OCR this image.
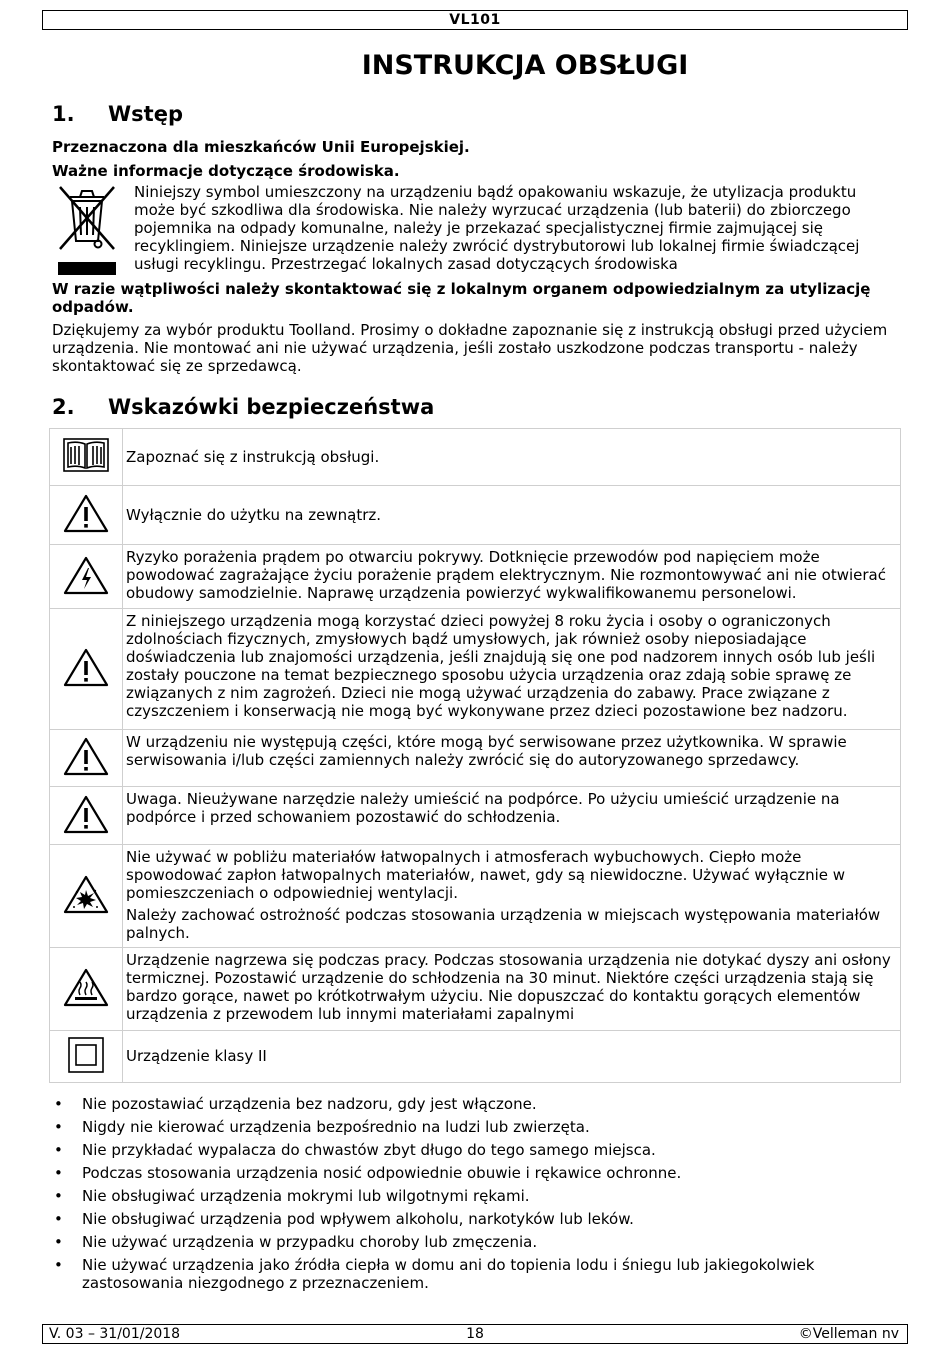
VL101
INSTRUKCJA OBSŁUGI
1. Wstęp
Przeznaczona dla mieszkańców Unii Europejskiej.
Ważne informacje dotyczące środowiska.
Niniejszy symbol umieszczony na urządzeniu bądź opakowaniu wskazuje, że utylizacja produktu
może być szkodliwa dla środowiska. Nie należy wyrzucać urządzenia (lub baterii) do zbiorczego
pojemnika na odpady komunalne, należy je przekazać specjalistycznej firmie zajmującej się
recyklingiem. Niniejsze urządzenie należy zwrócić dystrybutorowi lub lokalnej firmie świadczącej
usługi recyklingu. Przestrzegać lokalnych zasad dotyczących środowiska
W razie wątpliwości należy skontaktować się z lokalnym organem odpowiedzialnym za utylizację odpadów.
Dziękujemy za wybór produktu Toolland. Prosimy o dokładne zapoznanie się z instrukcją obsługi przed użyciem urządzenia. Nie montować ani nie używać urządzenia, jeśli zostało uszkodzone podczas transportu - należy skontaktować się ze sprzedawcą.
2. Wskazówki bezpieczeństwa

Zapoznać się z instrukcją obsługi.

Wyłącznie do użytku na zewnątrz.

Ryzyko porażenia prądem po otwarciu pokrywy. Dotknięcie przewodów pod napięciem może powodować zagrażające życiu porażenie prądem elektrycznym. Nie rozmontowywać ani nie otwierać obudowy samodzielnie. Naprawę urządzenia powierzyć wykwalifikowanemu personelowi.

Z niniejszego urządzenia mogą korzystać dzieci powyżej 8 roku życia i osoby o ograniczonych zdolnościach fizycznych, zmysłowych bądź umysłowych, jak również osoby nieposiadające doświadczenia lub znajomości urządzenia, jeśli znajdują się one pod nadzorem innych osób lub jeśli zostały pouczone na temat bezpiecznego sposobu użycia urządzenia oraz zdają sobie sprawę ze związanych z nim zagrożeń. Dzieci nie mogą używać urządzenia do zabawy. Prace związane z czyszczeniem i konserwacją nie mogą być wykonywane przez dzieci pozostawione bez nadzoru.

W urządzeniu nie występują części, które mogą być serwisowane przez użytkownika. W sprawie serwisowania i/lub części zamiennych należy zwrócić się do autoryzowanego sprzedawcy.

Uwaga. Nieużywane narzędzie należy umieścić na podpórce. Po użyciu umieścić urządzenie na podpórce i przed schowaniem pozostawić do schłodzenia.

Nie używać w pobliżu materiałów łatwopalnych i atmosferach wybuchowych. Ciepło może spowodować zapłon łatwopalnych materiałów, nawet, gdy są niewidoczne. Używać wyłącznie w pomieszczeniach o odpowiedniej wentylacji.

Należy zachować ostrożność podczas stosowania urządzenia w miejscach występowania materiałów palnych.

Urządzenie nagrzewa się podczas pracy. Podczas stosowania urządzenia nie dotykać dyszy ani osłony termicznej. Pozostawić urządzenie do schłodzenia na 30 minut. Niektóre części urządzenia stają się bardzo gorące, nawet po krótkotrwałym użyciu. Nie dopuszczać do kontaktu gorących elementów urządzenia z przewodem lub innymi materiałami zapalnymi

Urządzenie klasy II

• Nie pozostawiać urządzenia bez nadzoru, gdy jest włączone.
• Nigdy nie kierować urządzenia bezpośrednio na ludzi lub zwierzęta.
• Nie przykładać wypalacza do chwastów zbyt długo do tego samego miejsca.
• Podczas stosowania urządzenia nosić odpowiednie obuwie i rękawice ochronne.
• Nie obsługiwać urządzenia mokrymi lub wilgotnymi rękami.
• Nie obsługiwać urządzenia pod wpływem alkoholu, narkotyków lub leków.
• Nie używać urządzenia w przypadku choroby lub zmęczenia.
• Nie używać urządzenia jako źródła ciepła w domu ani do topienia lodu i śniegu lub jakiegokolwiek zastosowania niezgodnego z przeznaczeniem.
V. 03 – 31/01/2018	18	©Velleman nv
